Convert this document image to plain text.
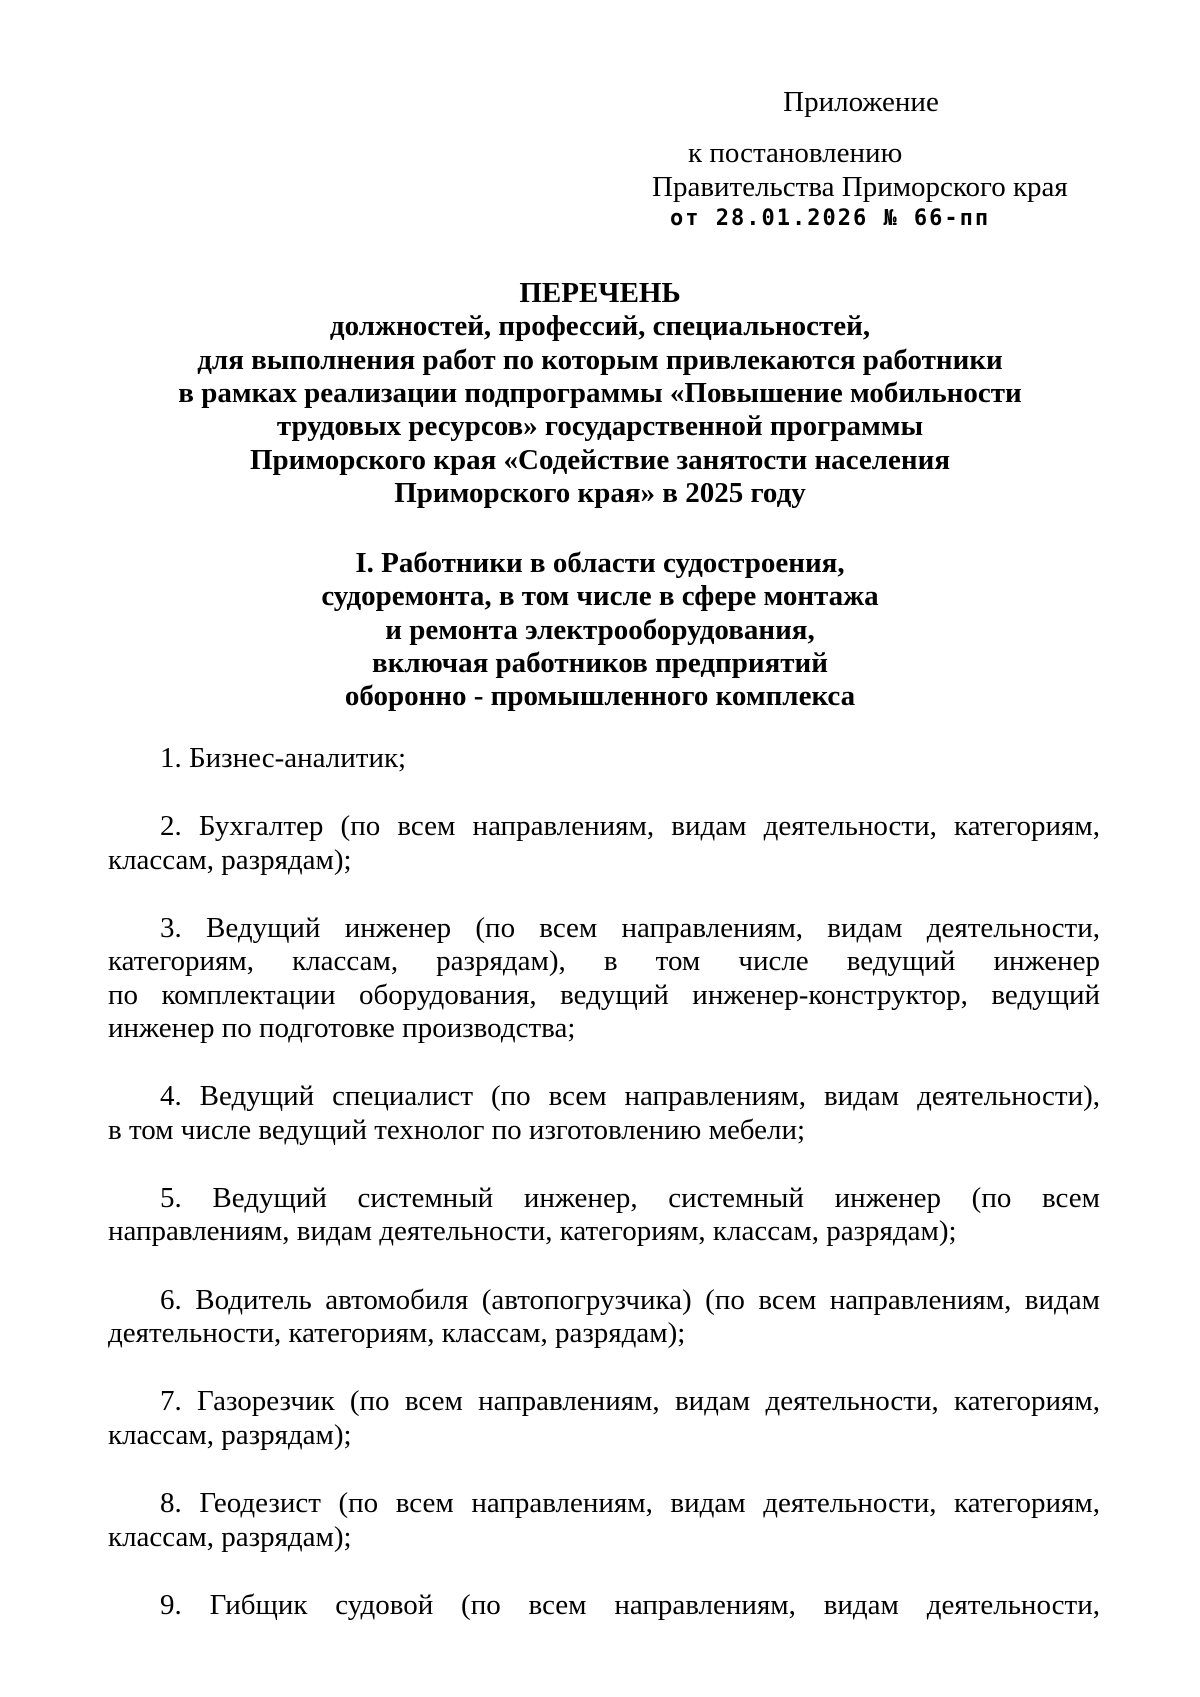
Приложение
к постановлению
Правительства Приморского края
от 28.01.2026 № 66-пп
ПЕРЕЧЕНЬ
должностей, профессий, специальностей,
для выполнения работ по которым привлекаются работники
в рамках реализации подпрограммы «Повышение мобильности
трудовых ресурсов» государственной программы
Приморского края «Содействие занятости населения
Приморского края» в 2025 году
I. Работники в области судостроения,
судоремонта, в том числе в сфере монтажа
и ремонта электрооборудования,
включая работников предприятий
оборонно - промышленного комплекса
1. Бизнес-аналитик;
2. Бухгалтер (по всем направлениям, видам деятельности, категориям,
классам, разрядам);
3. Ведущий инженер (по всем направлениям, видам деятельности,
категориям, классам, разрядам), в том числе ведущий инженер
по комплектации оборудования, ведущий инженер-конструктор, ведущий
инженер по подготовке производства;
4. Ведущий специалист (по всем направлениям, видам деятельности),
в том числе ведущий технолог по изготовлению мебели;
5. Ведущий системный инженер, системный инженер (по всем
направлениям, видам деятельности, категориям, классам, разрядам);
6. Водитель автомобиля (автопогрузчика) (по всем направлениям, видам
деятельности, категориям, классам, разрядам);
7. Газорезчик (по всем направлениям, видам деятельности, категориям,
классам, разрядам);
8. Геодезист (по всем направлениям, видам деятельности, категориям,
классам, разрядам);
9. Гибщик судовой (по всем направлениям, видам деятельности,
